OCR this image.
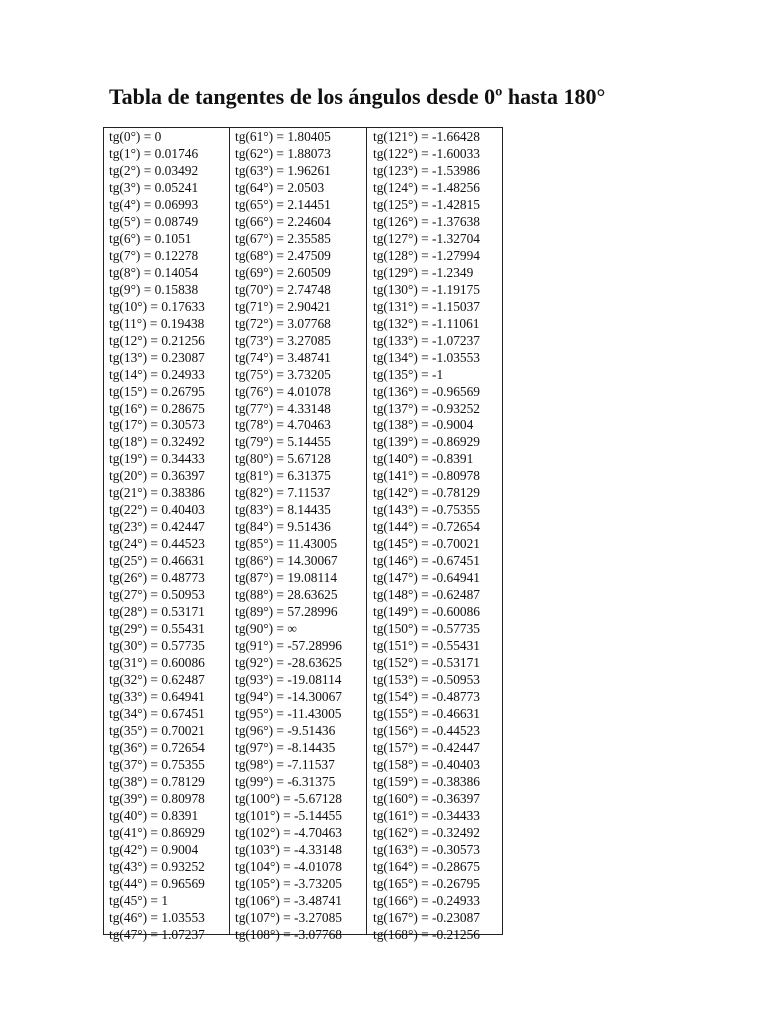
Tabla de tangentes de los ángulos desde 0º hasta 180°
tg(0°) = 0
tg(1°) = 0.01746
tg(2°) = 0.03492
tg(3°) = 0.05241
tg(4°) = 0.06993
tg(5°) = 0.08749
tg(6°) = 0.1051
tg(7°) = 0.12278
tg(8°) = 0.14054
tg(9°) = 0.15838
tg(10°) = 0.17633
tg(11°) = 0.19438
tg(12°) = 0.21256
tg(13°) = 0.23087
tg(14°) = 0.24933
tg(15°) = 0.26795
tg(16°) = 0.28675
tg(17°) = 0.30573
tg(18°) = 0.32492
tg(19°) = 0.34433
tg(20°) = 0.36397
tg(21°) = 0.38386
tg(22°) = 0.40403
tg(23°) = 0.42447
tg(24°) = 0.44523
tg(25°) = 0.46631
tg(26°) = 0.48773
tg(27°) = 0.50953
tg(28°) = 0.53171
tg(29°) = 0.55431
tg(30°) = 0.57735
tg(31°) = 0.60086
tg(32°) = 0.62487
tg(33°) = 0.64941
tg(34°) = 0.67451
tg(35°) = 0.70021
tg(36°) = 0.72654
tg(37°) = 0.75355
tg(38°) = 0.78129
tg(39°) = 0.80978
tg(40°) = 0.8391
tg(41°) = 0.86929
tg(42°) = 0.9004
tg(43°) = 0.93252
tg(44°) = 0.96569
tg(45°) = 1
tg(46°) = 1.03553
tg(47°) = 1.07237
tg(61°) = 1.80405
tg(62°) = 1.88073
tg(63°) = 1.96261
tg(64°) = 2.0503
tg(65°) = 2.14451
tg(66°) = 2.24604
tg(67°) = 2.35585
tg(68°) = 2.47509
tg(69°) = 2.60509
tg(70°) = 2.74748
tg(71°) = 2.90421
tg(72°) = 3.07768
tg(73°) = 3.27085
tg(74°) = 3.48741
tg(75°) = 3.73205
tg(76°) = 4.01078
tg(77°) = 4.33148
tg(78°) = 4.70463
tg(79°) = 5.14455
tg(80°) = 5.67128
tg(81°) = 6.31375
tg(82°) = 7.11537
tg(83°) = 8.14435
tg(84°) = 9.51436
tg(85°) = 11.43005
tg(86°) = 14.30067
tg(87°) = 19.08114
tg(88°) = 28.63625
tg(89°) = 57.28996
tg(90°) = ∞
tg(91°) = -57.28996
tg(92°) = -28.63625
tg(93°) = -19.08114
tg(94°) = -14.30067
tg(95°) = -11.43005
tg(96°) = -9.51436
tg(97°) = -8.14435
tg(98°) = -7.11537
tg(99°) = -6.31375
tg(100°) = -5.67128
tg(101°) = -5.14455
tg(102°) = -4.70463
tg(103°) = -4.33148
tg(104°) = -4.01078
tg(105°) = -3.73205
tg(106°) = -3.48741
tg(107°) = -3.27085
tg(108°) = -3.07768
tg(121°) = -1.66428
tg(122°) = -1.60033
tg(123°) = -1.53986
tg(124°) = -1.48256
tg(125°) = -1.42815
tg(126°) = -1.37638
tg(127°) = -1.32704
tg(128°) = -1.27994
tg(129°) = -1.2349
tg(130°) = -1.19175
tg(131°) = -1.15037
tg(132°) = -1.11061
tg(133°) = -1.07237
tg(134°) = -1.03553
tg(135°) = -1
tg(136°) = -0.96569
tg(137°) = -0.93252
tg(138°) = -0.9004
tg(139°) = -0.86929
tg(140°) = -0.8391
tg(141°) = -0.80978
tg(142°) = -0.78129
tg(143°) = -0.75355
tg(144°) = -0.72654
tg(145°) = -0.70021
tg(146°) = -0.67451
tg(147°) = -0.64941
tg(148°) = -0.62487
tg(149°) = -0.60086
tg(150°) = -0.57735
tg(151°) = -0.55431
tg(152°) = -0.53171
tg(153°) = -0.50953
tg(154°) = -0.48773
tg(155°) = -0.46631
tg(156°) = -0.44523
tg(157°) = -0.42447
tg(158°) = -0.40403
tg(159°) = -0.38386
tg(160°) = -0.36397
tg(161°) = -0.34433
tg(162°) = -0.32492
tg(163°) = -0.30573
tg(164°) = -0.28675
tg(165°) = -0.26795
tg(166°) = -0.24933
tg(167°) = -0.23087
tg(168°) = -0.21256
